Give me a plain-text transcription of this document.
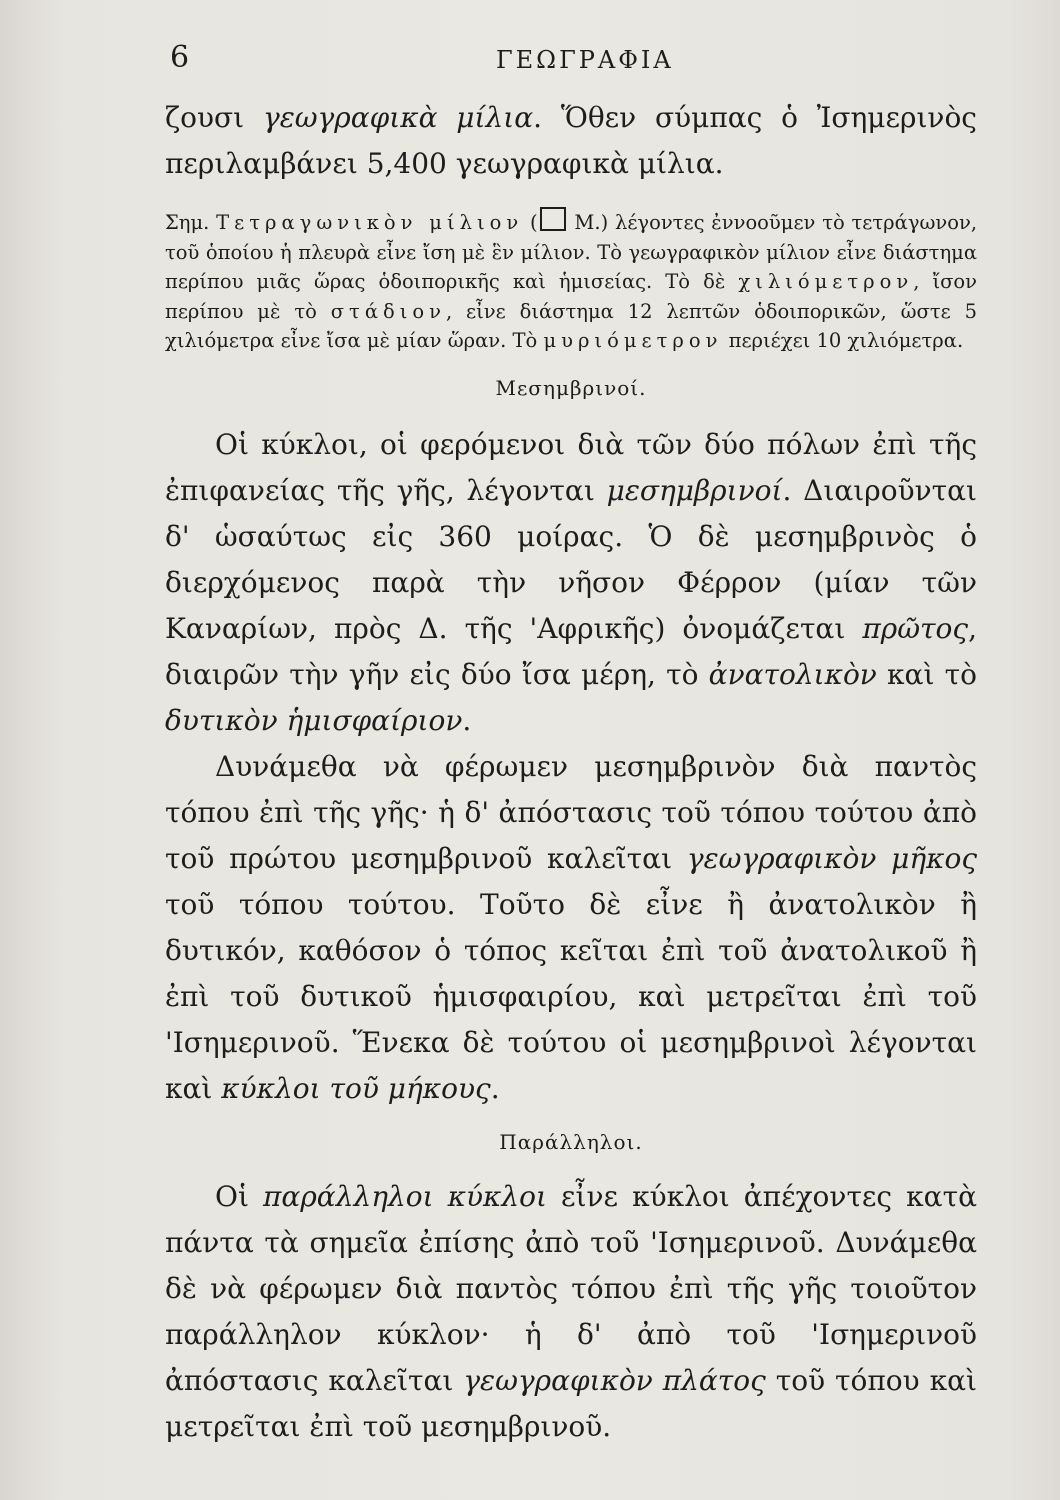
6	ΓΕΩΓΡΑΦΙΑ

ζουσι γεωγραφικὰ μίλια. Ὅθεν σύμπας ὁ Ἰσημερινὸς περιλαμβάνει 5,400 γεωγραφικὰ μίλια.

Σημ. Τετραγωνικὸν μίλιον ( Μ.) λέγοντες ἐννοοῦμεν τὸ τετράγωνον, τοῦ ὁποίου ἡ πλευρὰ εἶνε ἴση μὲ ἓν μίλιον. Τὸ γεωγραφικὸν μίλιον εἶνε διάστημα περίπου μιᾶς ὥρας ὁδοιπορικῆς καὶ ἡμισείας. Τὸ δὲ χιλιόμετρον, ἴσον περίπου μὲ τὸ στάδιον, εἶνε διάστημα 12 λεπτῶν ὁδοιπορικῶν, ὥστε 5 χιλιόμετρα εἶνε ἴσα μὲ μίαν ὥραν. Τὸ μυριόμετρον περιέχει 10 χιλιόμετρα.

Μεσημβρινοί.

Οἱ κύκλοι, οἱ φερόμενοι διὰ τῶν δύο πόλων ἐπὶ τῆς ἐπιφανείας τῆς γῆς, λέγονται μεσημβρινοί. Διαιροῦνται δ' ὡσαύτως εἰς 360 μοίρας. Ὁ δὲ μεσημβρινὸς ὁ διερχόμενος παρὰ τὴν νῆσον Φέρρον (μίαν τῶν Καναρίων, πρὸς Δ. τῆς 'Αφρικῆς) ὀνομάζεται πρῶτος, διαιρῶν τὴν γῆν εἰς δύο ἴσα μέρη, τὸ ἀνατολικὸν καὶ τὸ δυτικὸν ἡμισφαίριον.

Δυνάμεθα νὰ φέρωμεν μεσημβρινὸν διὰ παντὸς τόπου ἐπὶ τῆς γῆς· ἡ δ' ἀπόστασις τοῦ τόπου τούτου ἀπὸ τοῦ πρώτου μεσημβρινοῦ καλεῖται γεωγραφικὸν μῆκος τοῦ τόπου τούτου. Τοῦτο δὲ εἶνε ἢ ἀνατολικὸν ἢ δυτικόν, καθόσον ὁ τόπος κεῖται ἐπὶ τοῦ ἀνατολικοῦ ἢ ἐπὶ τοῦ δυτικοῦ ἡμισφαιρίου, καὶ μετρεῖται ἐπὶ τοῦ 'Ισημερινοῦ. Ἕνεκα δὲ τούτου οἱ μεσημβρινοὶ λέγονται καὶ κύκλοι τοῦ μήκους.

Παράλληλοι.

Οἱ παράλληλοι κύκλοι εἶνε κύκλοι ἀπέχοντες κατὰ πάντα τὰ σημεῖα ἐπίσης ἀπὸ τοῦ 'Ισημερινοῦ. Δυνάμεθα δὲ νὰ φέρωμεν διὰ παντὸς τόπου ἐπὶ τῆς γῆς τοιοῦτον παράλληλον κύκλον· ἡ δ' ἀπὸ τοῦ 'Ισημερινοῦ ἀπόστασις καλεῖται γεωγραφικὸν πλάτος τοῦ τόπου καὶ μετρεῖται ἐπὶ τοῦ μεσημβρινοῦ.
